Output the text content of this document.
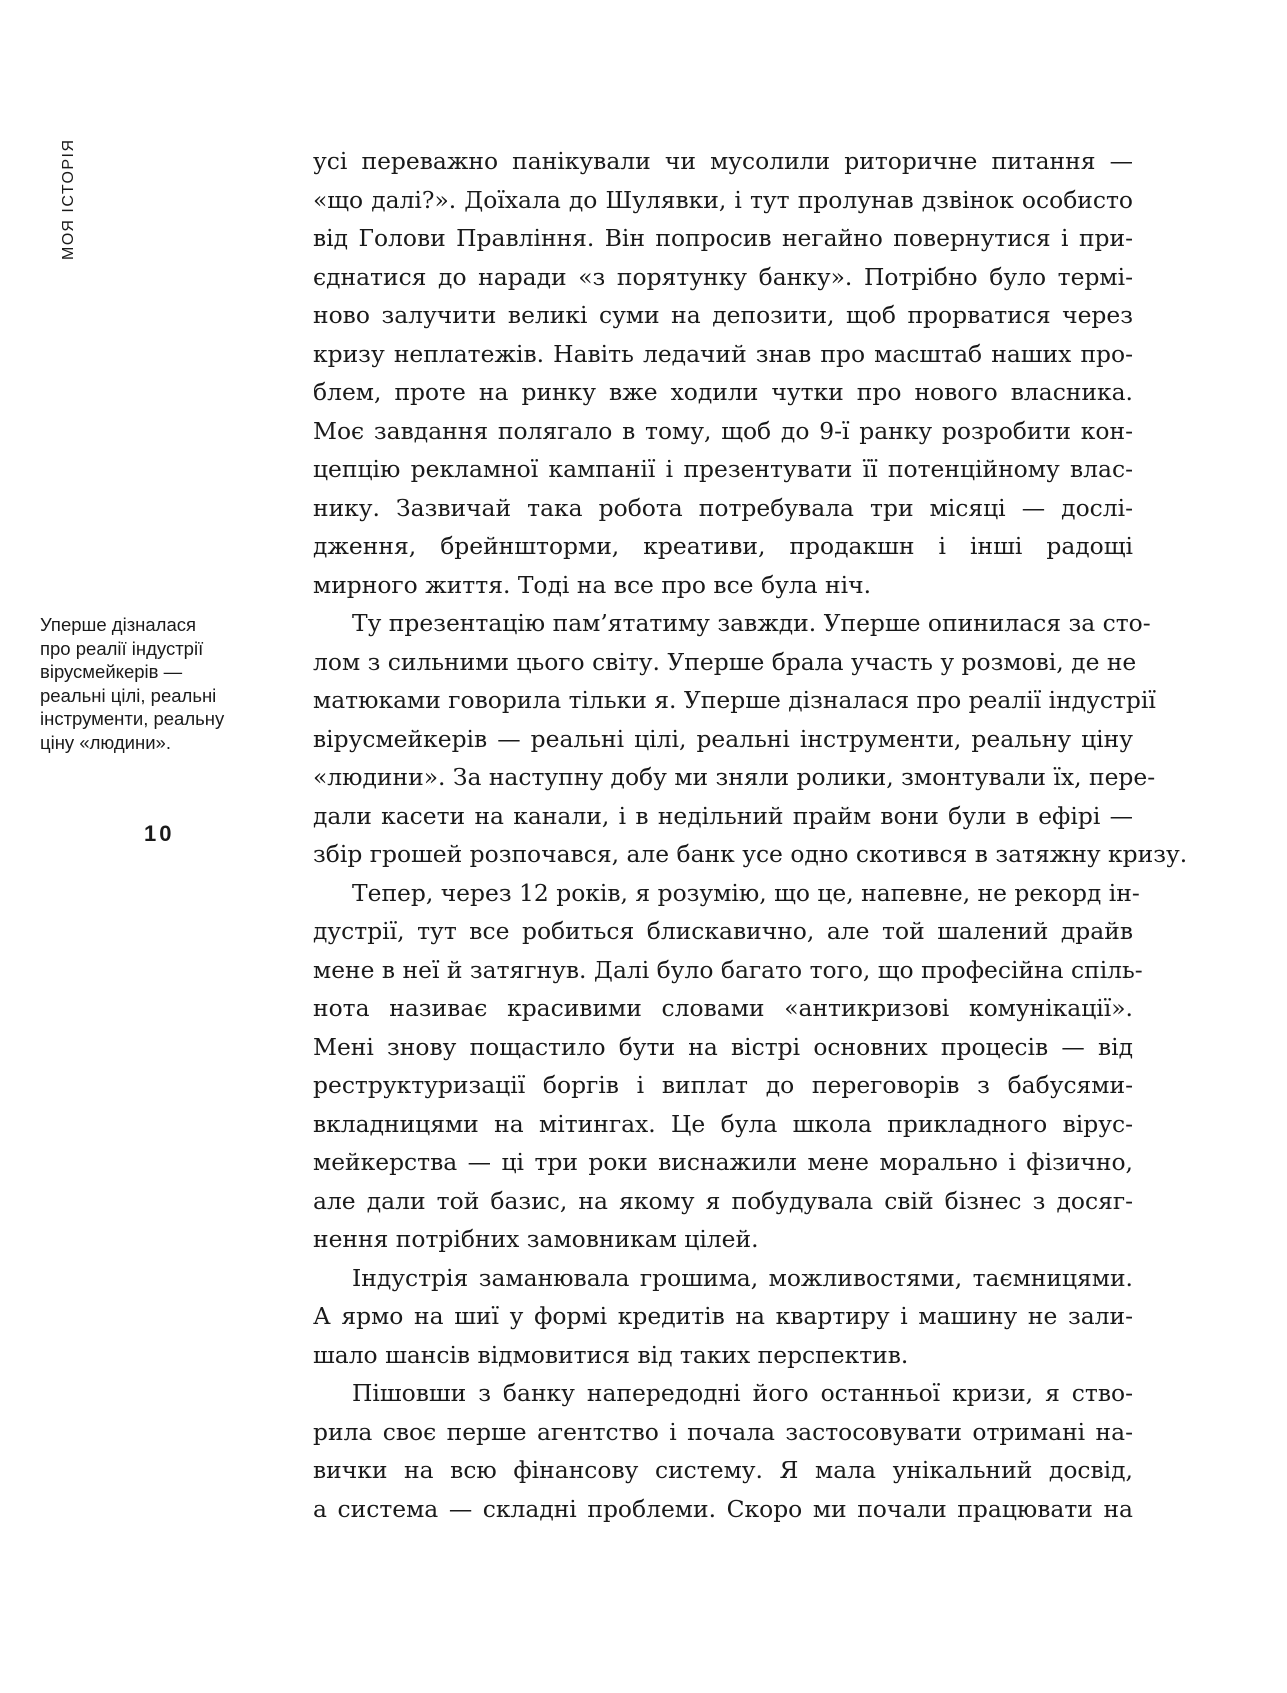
МОЯ ІСТОРІЯ
Уперше дізналася
про реалії індустрії
вірусмейкерів —
реальні цілі, реальні
інструменти, реальну
ціну «людини».
10
усі переважно панікували чи мусолили риторичне питання —
«що далі?». Доїхала до Шулявки, і тут пролунав дзвінок особисто
від Голови Правління. Він попросив негайно повернутися і при-
єднатися до наради «з порятунку банку». Потрібно було термі-
ново залучити великі суми на депозити, щоб прорватися через
кризу неплатежів. Навіть ледачий знав про масштаб наших про-
блем, проте на ринку вже ходили чутки про нового власника.
Моє завдання полягало в тому, щоб до 9-ї ранку розробити кон-
цепцію рекламної кампанії і презентувати її потенційному влас-
нику. Зазвичай така робота потребувала три місяці — дослі-
дження, брейншторми, креативи, продакшн і інші радощі
мирного життя. Тоді на все про все була ніч.
Ту презентацію пам’ятатиму завжди. Уперше опинилася за сто-
лом з сильними цього світу. Уперше брала участь у розмові, де не
матюками говорила тільки я. Уперше дізналася про реалії індустрії
вірусмейкерів — реальні цілі, реальні інструменти, реальну ціну
«людини». За наступну добу ми зняли ролики, змонтували їх, пере-
дали касети на канали, і в недільний прайм вони були в ефірі —
збір грошей розпочався, але банк усе одно скотився в затяжну кризу.
Тепер, через 12 років, я розумію, що це, напевне, не рекорд ін-
дустрії, тут все робиться блискавично, але той шалений драйв
мене в неї й затягнув. Далі було багато того, що професійна спіль-
нота називає красивими словами «антикризові комунікації».
Мені знову пощастило бути на вістрі основних процесів — від
реструктуризації боргів і виплат до переговорів з бабусями-
вкладницями на мітингах. Це була школа прикладного вірус-
мейкерства — ці три роки виснажили мене морально і фізично,
але дали той базис, на якому я побудувала свій бізнес з досяг-
нення потрібних замовникам цілей.
Індустрія заманювала грошима, можливостями, таємницями.
А ярмо на шиї у формі кредитів на квартиру і машину не зали-
шало шансів відмовитися від таких перспектив.
Пішовши з банку напередодні його останньої кризи, я ство-
рила своє перше агентство і почала застосовувати отримані на-
вички на всю фінансову систему. Я мала унікальний досвід,
а система — складні проблеми. Скоро ми почали працювати на
